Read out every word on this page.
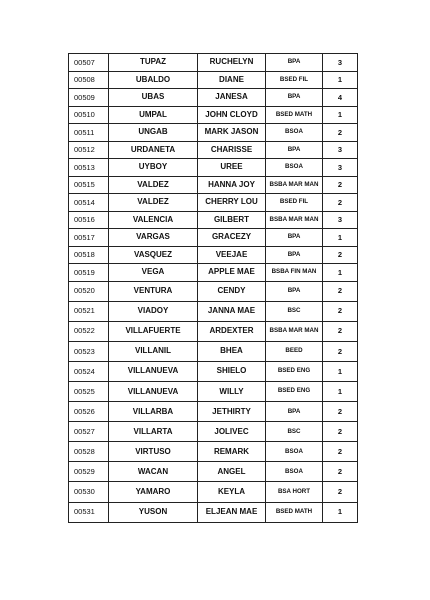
00507	TUPAZ	RUCHELYN	BPA	3
00508	UBALDO	DIANE	BSED FIL	1
00509	UBAS	JANESA	BPA	4
00510	UMPAL	JOHN CLOYD	BSED MATH	1
00511	UNGAB	MARK JASON	BSOA	2
00512	URDANETA	CHARISSE	BPA	3
00513	UYBOY	UREE	BSOA	3
00515	VALDEZ	HANNA JOY	BSBA MAR MAN	2
00514	VALDEZ	CHERRY LOU	BSED FIL	2
00516	VALENCIA	GILBERT	BSBA MAR MAN	3
00517	VARGAS	GRACEZY	BPA	1
00518	VASQUEZ	VEEJAE	BPA	2
00519	VEGA	APPLE MAE	BSBA FIN MAN	1
00520	VENTURA	CENDY	BPA	2
00521	VIADOY	JANNA MAE	BSC	2
00522	VILLAFUERTE	ARDEXTER	BSBA MAR MAN	2
00523	VILLANIL	BHEA	BEED	2
00524	VILLANUEVA	SHIELO	BSED ENG	1
00525	VILLANUEVA	WILLY	BSED ENG	1
00526	VILLARBA	JETHIRTY	BPA	2
00527	VILLARTA	JOLIVEC	BSC	2
00528	VIRTUSO	REMARK	BSOA	2
00529	WACAN	ANGEL	BSOA	2
00530	YAMARO	KEYLA	BSA HORT	2
00531	YUSON	ELJEAN MAE	BSED MATH	1
